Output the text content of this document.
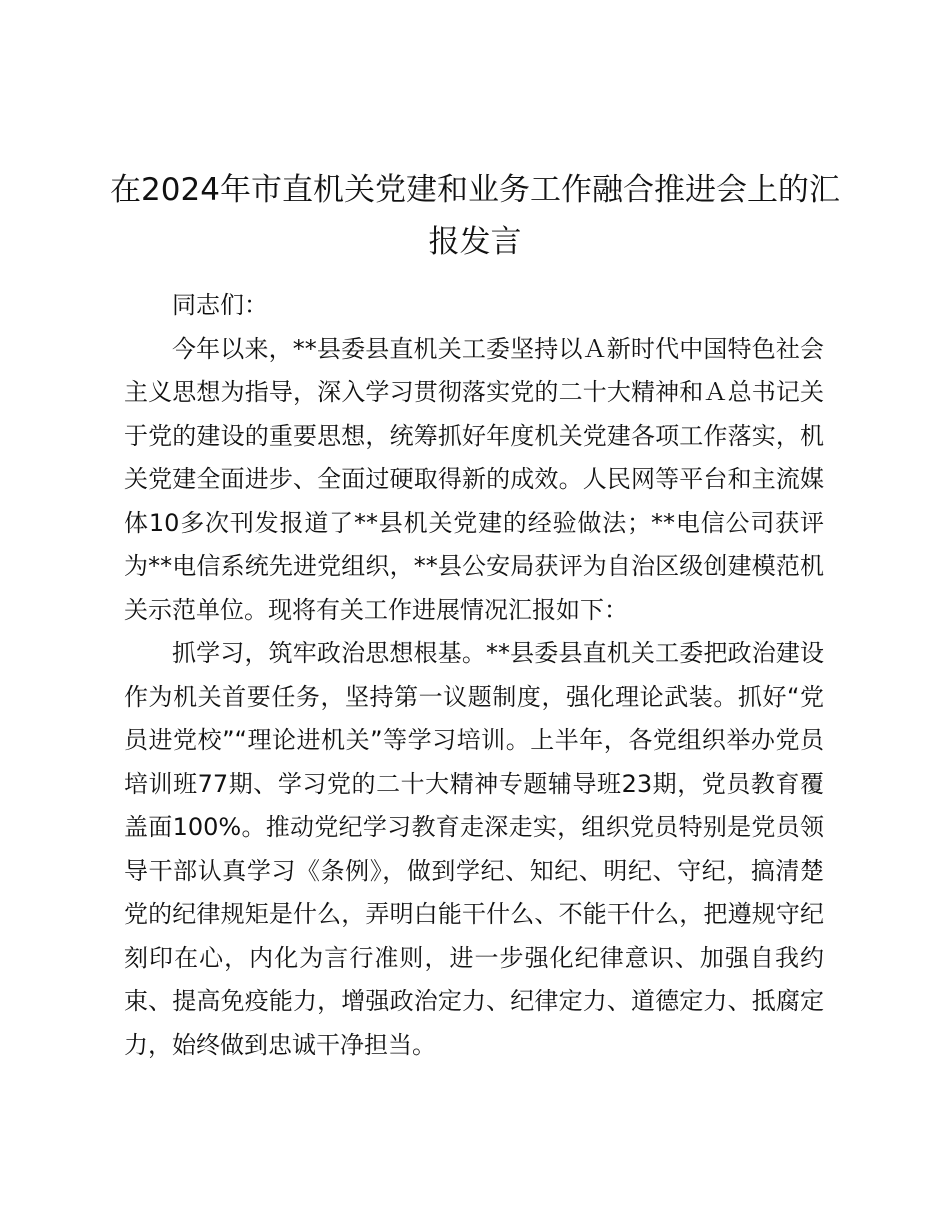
在2024年市直机关党建和业务工作融合推进会上的汇报发言

同志们：

今年以来，**县委县直机关工委坚持以Ａ新时代中国特色社会主义思想为指导，深入学习贯彻落实党的二十大精神和Ａ总书记关于党的建设的重要思想，统筹抓好年度机关党建各项工作落实，机关党建全面进步、全面过硬取得新的成效。人民网等平台和主流媒体10多次刊发报道了**县机关党建的经验做法；**电信公司获评为**电信系统先进党组织，**县公安局获评为自治区级创建模范机关示范单位。现将有关工作进展情况汇报如下：

抓学习，筑牢政治思想根基。**县委县直机关工委把政治建设作为机关首要任务，坚持第一议题制度，强化理论武装。抓好“党员进党校”“理论进机关”等学习培训。上半年，各党组织举办党员培训班77期、学习党的二十大精神专题辅导班23期，党员教育覆盖面100%。推动党纪学习教育走深走实，组织党员特别是党员领导干部认真学习《条例》，做到学纪、知纪、明纪、守纪，搞清楚党的纪律规矩是什么，弄明白能干什么、不能干什么，把遵规守纪刻印在心，内化为言行准则，进一步强化纪律意识、加强自我约束、提高免疫能力，增强政治定力、纪律定力、道德定力、抵腐定力，始终做到忠诚干净担当。
